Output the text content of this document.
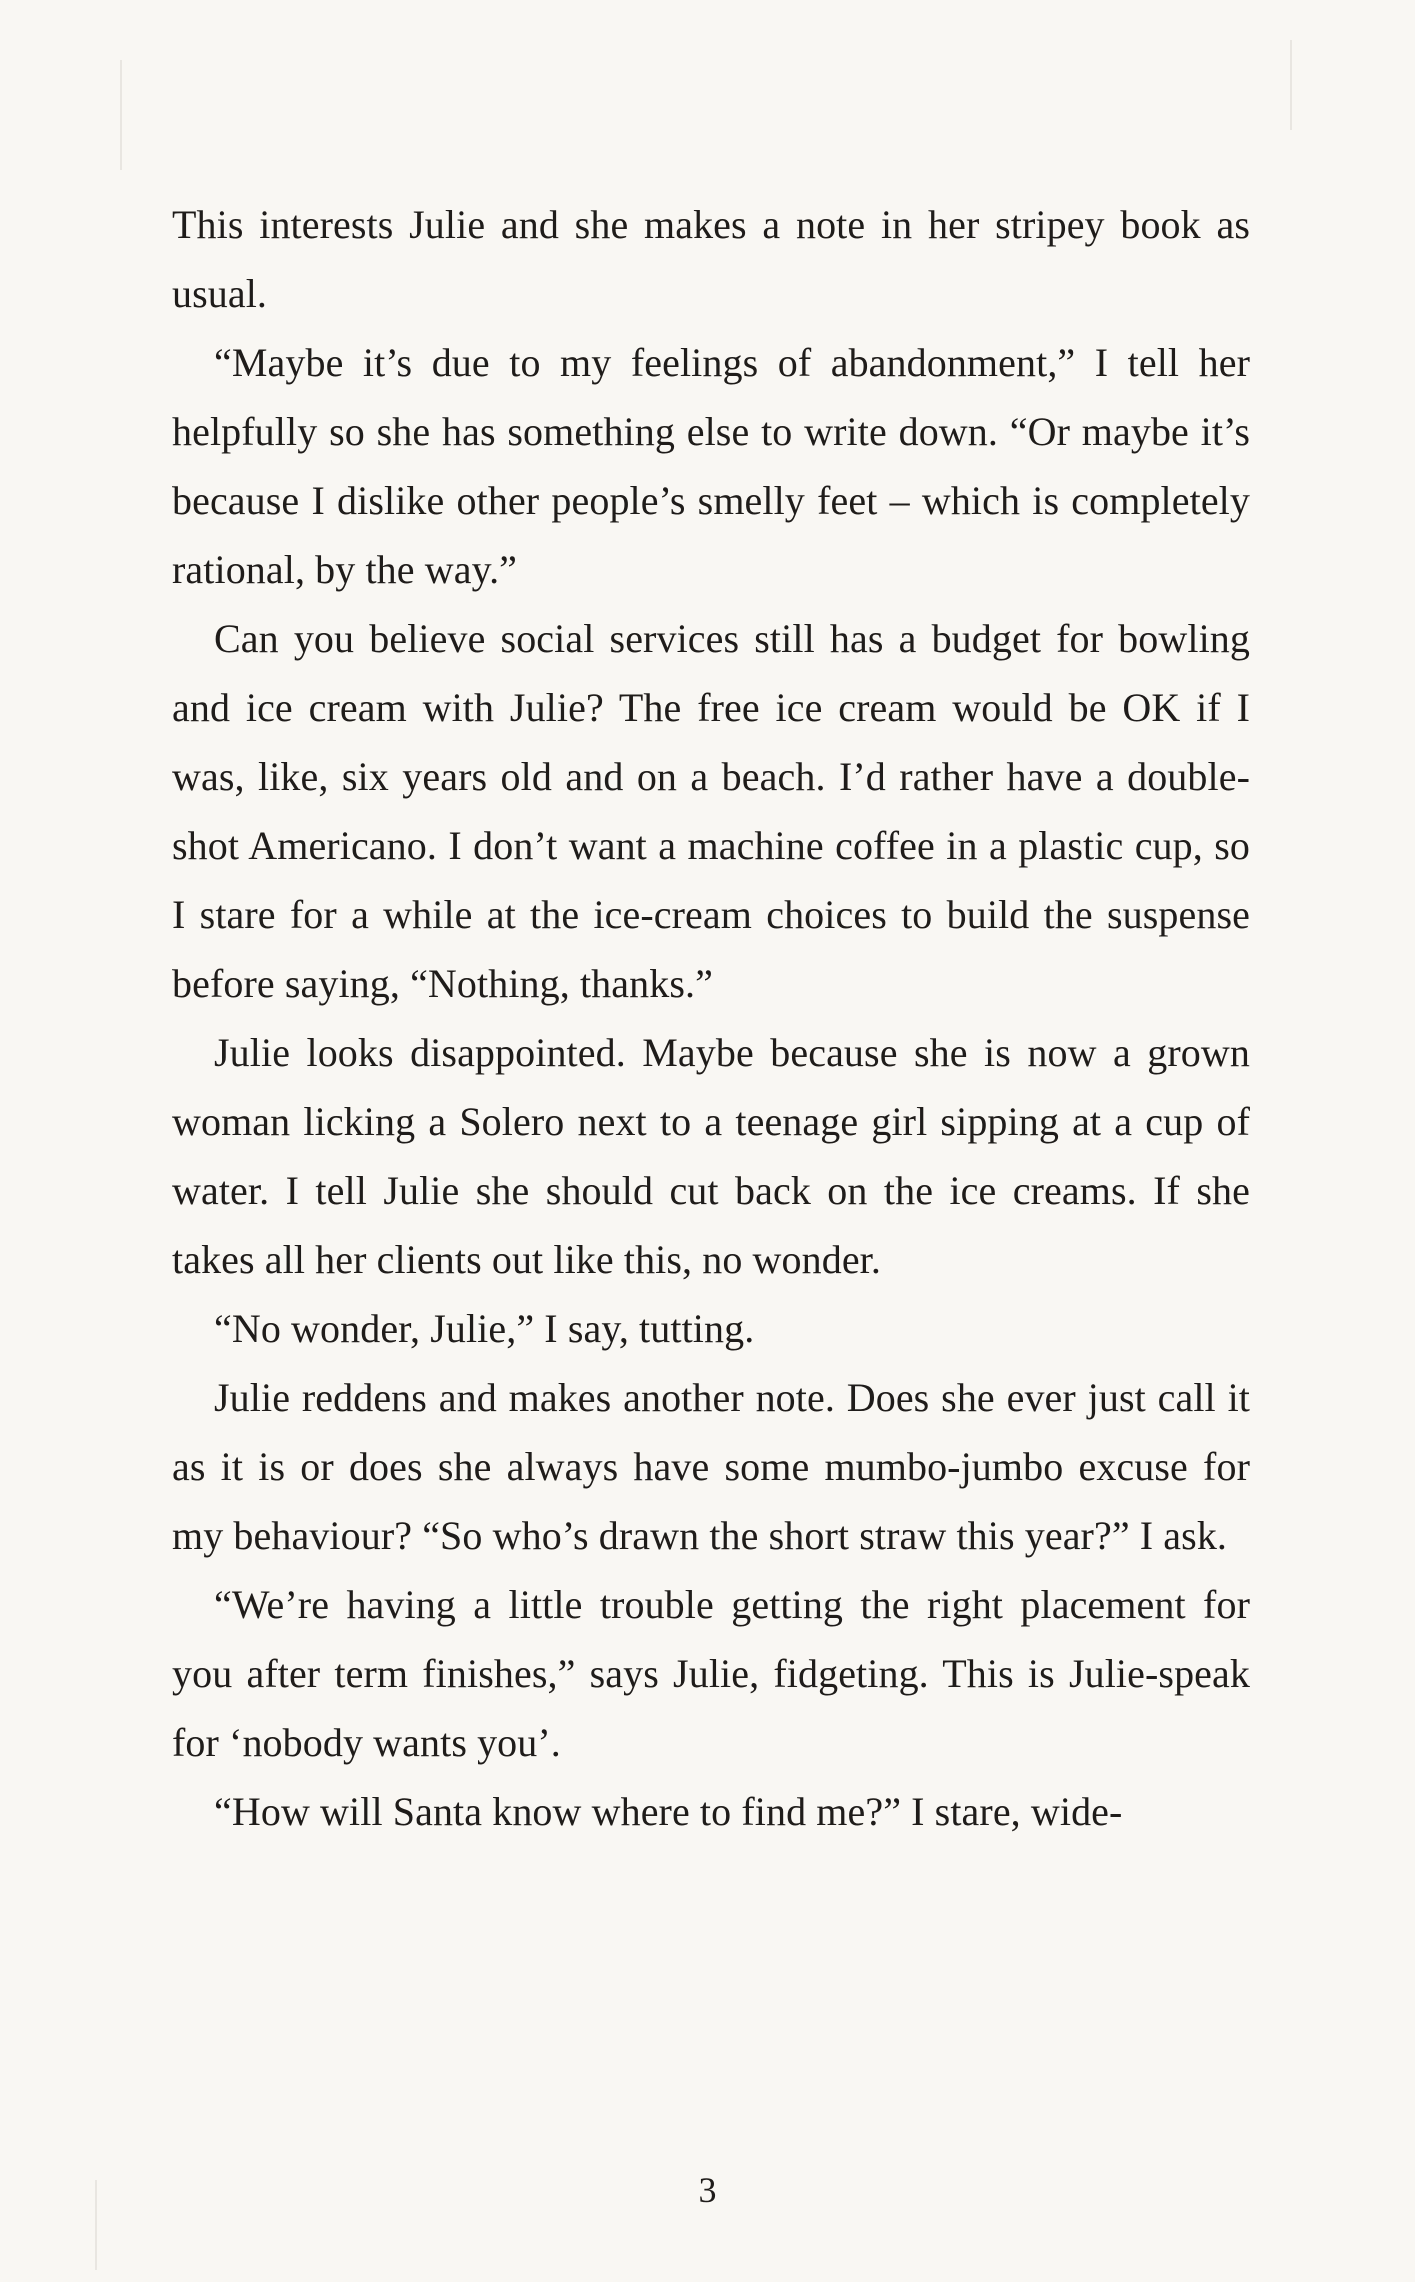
This interests Julie and she makes a note in her stripey book as usual.

“Maybe it’s due to my feelings of abandonment,” I tell her helpfully so she has something else to write down. “Or maybe it’s because I dislike other people’s smelly feet – which is completely rational, by the way.”

Can you believe social services still has a budget for bowling and ice cream with Julie? The free ice cream would be OK if I was, like, six years old and on a beach. I’d rather have a double-shot Americano. I don’t want a machine coffee in a plastic cup, so I stare for a while at the ice-cream choices to build the suspense before saying, “Nothing, thanks.”

Julie looks disappointed. Maybe because she is now a grown woman licking a Solero next to a teenage girl sipping at a cup of water. I tell Julie she should cut back on the ice creams. If she takes all her clients out like this, no wonder.

“No wonder, Julie,” I say, tutting.

Julie reddens and makes another note. Does she ever just call it as it is or does she always have some mumbo-jumbo excuse for my behaviour? “So who’s drawn the short straw this year?” I ask.

“We’re having a little trouble getting the right placement for you after term finishes,” says Julie, fidgeting. This is Julie-speak for ‘nobody wants you’.

“How will Santa know where to find me?” I stare, wide-

3
